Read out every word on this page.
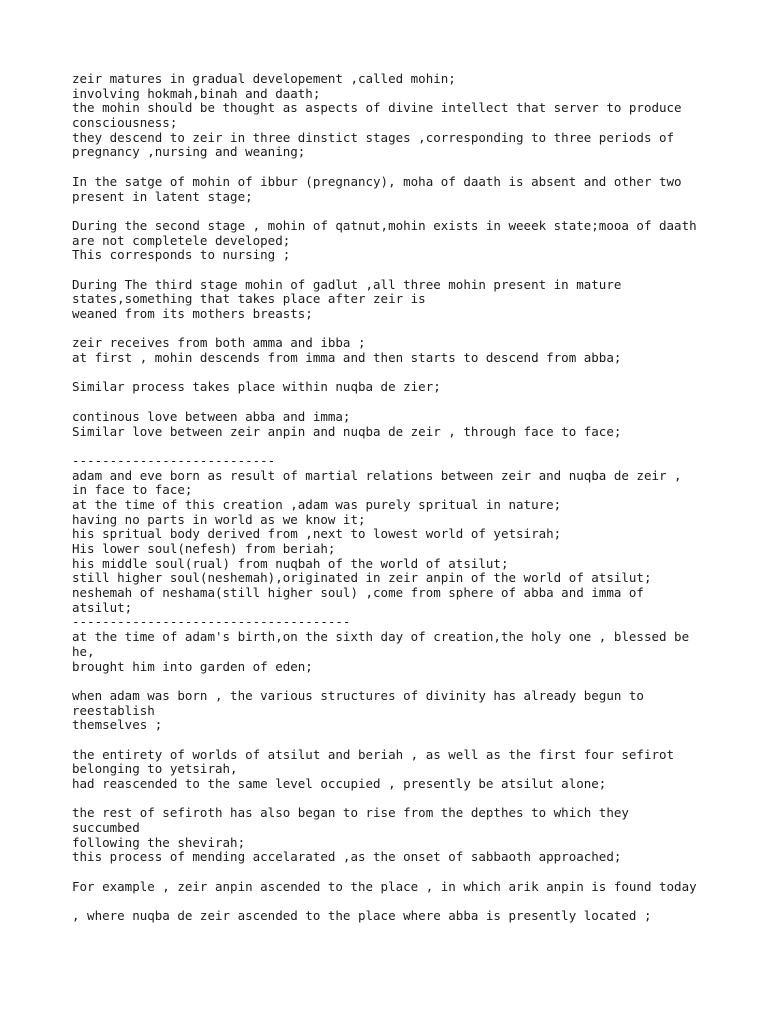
zeir matures in gradual developement ,called mohin;
involving hokmah,binah and daath;
the mohin should be thought as aspects of divine intellect that server to produce
consciousness;
they descend to zeir in three dinstict stages ,corresponding to three periods of
pregnancy ,nursing and weaning;
In the satge of mohin of ibbur (pregnancy), moha of daath is absent and other two
present in latent stage;
During the second stage , mohin of qatnut,mohin exists in weeek state;mooa of daath
are not completele developed;
This corresponds to nursing ;
During The third stage mohin of gadlut ,all three mohin present in mature
states,something that takes place after zeir is
weaned from its mothers breasts;
zeir receives from both amma and ibba ;
at first , mohin descends from imma and then starts to descend from abba;
Similar process takes place within nuqba de zier;
continous love between abba and imma;
Similar love between zeir anpin and nuqba de zeir , through face to face;
---------------------------
adam and eve born as result of martial relations between zeir and nuqba de zeir ,
in face to face;
at the time of this creation ,adam was purely spritual in nature;
having no parts in world as we know it;
his spritual body derived from ,next to lowest world of yetsirah;
His lower soul(nefesh) from beriah;
his middle soul(rual) from nuqbah of the world of atsilut;
still higher soul(neshemah),originated in zeir anpin of the world of atsilut;
neshemah of neshama(still higher soul) ,come from sphere of abba and imma of
atsilut;
-------------------------------------
at the time of adam's birth,on the sixth day of creation,the holy one , blessed be
he,
brought him into garden of eden;
when adam was born , the various structures of divinity has already begun to
reestablish
themselves ;
the entirety of worlds of atsilut and beriah , as well as the first four sefirot
belonging to yetsirah,
had reascended to the same level occupied , presently be atsilut alone;
the rest of sefiroth has also began to rise from the depthes to which they
succumbed
following the shevirah;
this process of mending accelarated ,as the onset of sabbaoth approached;
For example , zeir anpin ascended to the place , in which arik anpin is found today
, where nuqba de zeir ascended to the place where abba is presently located ;
